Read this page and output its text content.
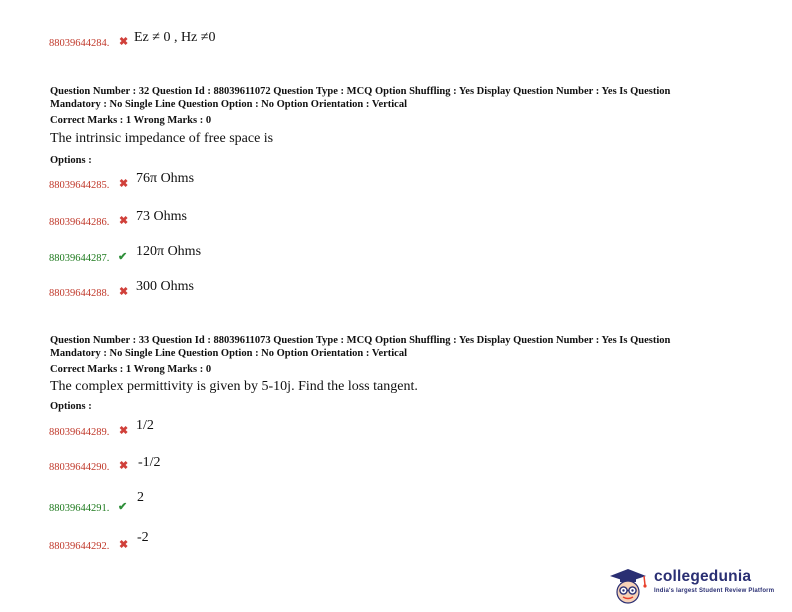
88039644284. ✖ Ez ≠ 0 , Hz ≠0
Question Number : 32 Question Id : 88039611072 Question Type : MCQ Option Shuffling : Yes Display Question Number : Yes Is Question
Mandatory : No Single Line Question Option : No Option Orientation : Vertical
Correct Marks : 1 Wrong Marks : 0
The intrinsic impedance of free space is
Options :
88039644285. ✖ 76π Ohms
88039644286. ✖ 73 Ohms
88039644287. ✔ 120π Ohms
88039644288. ✖ 300 Ohms
Question Number : 33 Question Id : 88039611073 Question Type : MCQ Option Shuffling : Yes Display Question Number : Yes Is Question
Mandatory : No Single Line Question Option : No Option Orientation : Vertical
Correct Marks : 1 Wrong Marks : 0
The complex permittivity is given by 5-10j. Find the loss tangent.
Options :
88039644289. ✖ 1/2
88039644290. ✖ -1/2
88039644291. ✔
2
88039644292. ✖ -2
collegedunia
India's largest Student Review Platform
